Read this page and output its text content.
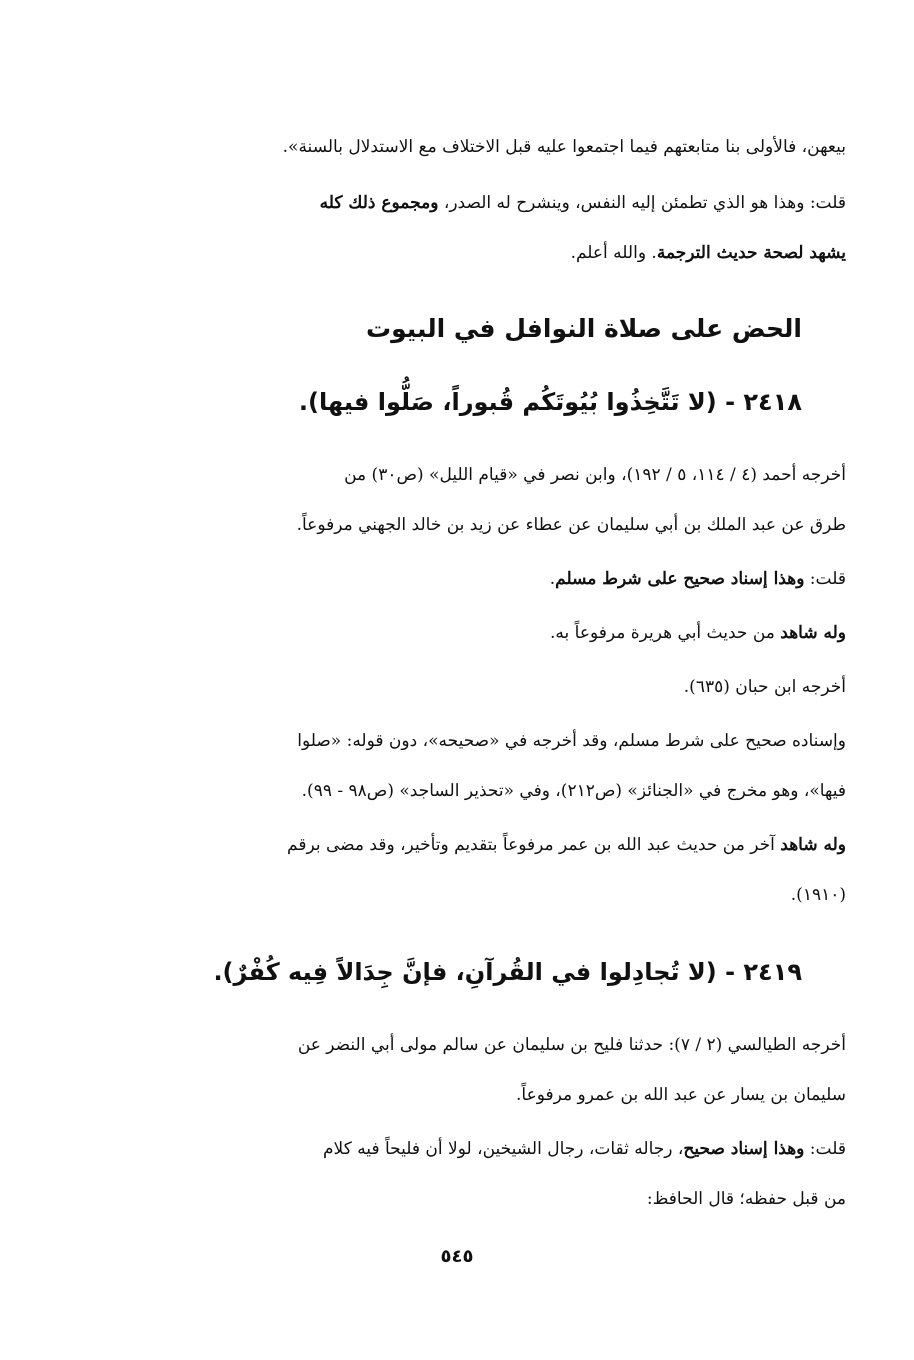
بيعهن، فالأولى بنا متابعتهم فيما اجتمعوا عليه قبل الاختلاف مع الاستدلال بالسنة».

قلت: وهذا هو الذي تطمئن إليه النفس، وينشرح له الصدر، ومجموع ذلك كله

يشهد لصحة حديث الترجمة. والله أعلم.

الحض على صلاة النوافل في البيوت
٢٤١٨ - (لا تَتَّخِذُوا بُيُوتَكُم قُبوراً، صَلُّوا فيها).

أخرجه أحمد (٤ / ١١٤، ٥ / ١٩٢)، وابن نصر في «قيام الليل» (ص٣٠) من

طرق عن عبد الملك بن أبي سليمان عن عطاء عن زيد بن خالد الجهني مرفوعاً.

قلت: وهذا إسناد صحيح على شرط مسلم.

وله شاهد من حديث أبي هريرة مرفوعاً به.

أخرجه ابن حبان (٦٣٥).

وإسناده صحيح على شرط مسلم، وقد أخرجه في «صحيحه»، دون قوله: «صلوا

فيها»، وهو مخرج في «الجنائز» (ص٢١٢)، وفي «تحذير الساجد» (ص٩٨ - ٩٩).

وله شاهد آخر من حديث عبد الله بن عمر مرفوعاً بتقديم وتأخير، وقد مضى برقم

(١٩١٠).

٢٤١٩ - (لا تُجادِلوا في القُرآنِ، فإنَّ جِدَالاً فِيه كُفْرٌ).

أخرجه الطيالسي (٢ / ٧): حدثنا فليح بن سليمان عن سالم مولى أبي النضر عن

سليمان بن يسار عن عبد الله بن عمرو مرفوعاً.

قلت: وهذا إسناد صحيح، رجاله ثقات، رجال الشيخين، لولا أن فليحاً فيه كلام

من قبل حفظه؛ قال الحافظ:

٥٤٥
